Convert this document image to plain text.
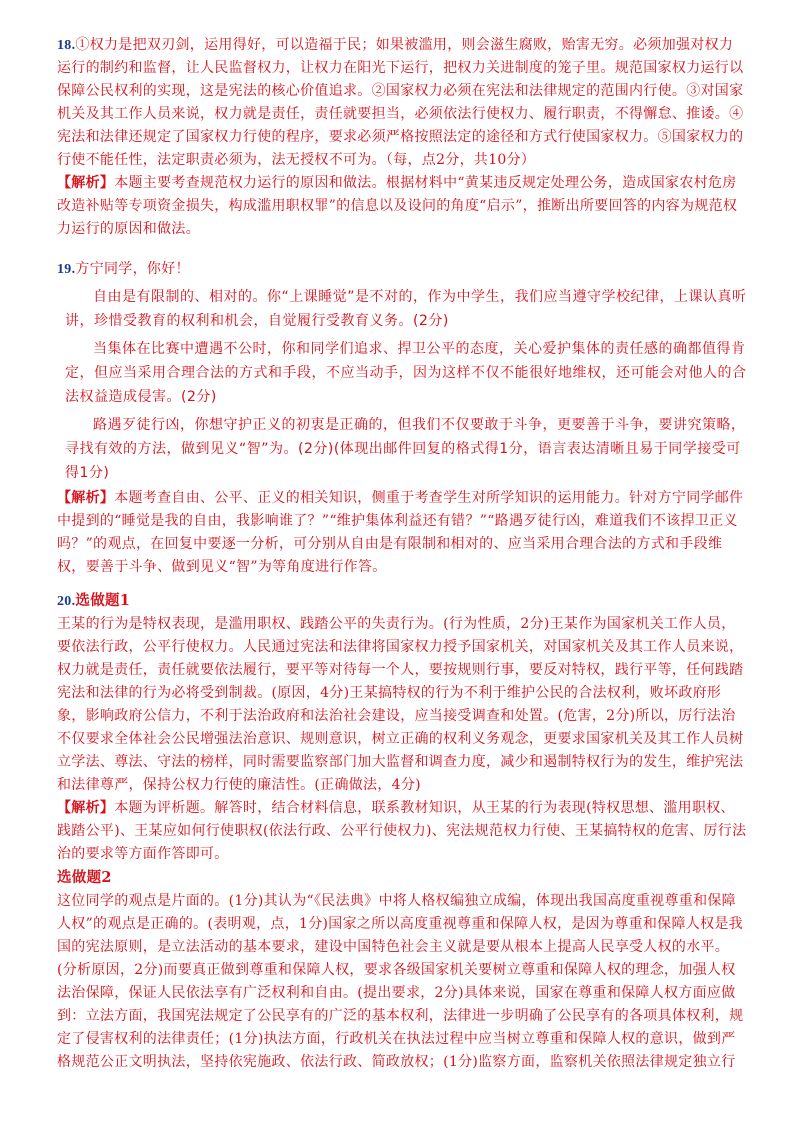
18.①权力是把双刃剑，运用得好，可以造福于民；如果被滥用，则会滋生腐败，贻害无穷。必须加强对权力运行的制约和监督，让人民监督权力，让权力在阳光下运行，把权力关进制度的笼子里。规范国家权力运行以保障公民权利的实现，这是宪法的核心价值追求。②国家权力必须在宪法和法律规定的范围内行使。③对国家机关及其工作人员来说，权力就是责任，责任就要担当，必须依法行使权力、履行职责，不得懈怠、推诿。④宪法和法律还规定了国家权力行使的程序，要求必须严格按照法定的途径和方式行使国家权力。⑤国家权力的行使不能任性，法定职责必须为，法无授权不可为。（每，点2分，共10分）

【解析】本题主要考查规范权力运行的原因和做法。根据材料中“黄某违反规定处理公务，造成国家农村危房改造补贴等专项资金损失，构成滥用职权罪”的信息以及设问的角度“启示”，推断出所要回答的内容为规范权力运行的原因和做法。

19.方宁同学，你好！

自由是有限制的、相对的。你“上课睡觉”是不对的，作为中学生，我们应当遵守学校纪律，上课认真听讲，珍惜受教育的权利和机会，自觉履行受教育义务。(2分)

当集体在比赛中遭遇不公时，你和同学们追求、捍卫公平的态度，关心爱护集体的责任感的确都值得肯定，但应当采用合理合法的方式和手段，不应当动手，因为这样不仅不能很好地维权，还可能会对他人的合法权益造成侵害。(2分)

路遇歹徒行凶，你想守护正义的初衷是正确的，但我们不仅要敢于斗争，更要善于斗争，要讲究策略，寻找有效的方法，做到见义“智”为。(2分)(体现出邮件回复的格式得1分，语言表达清晰且易于同学接受可得1分)

【解析】本题考查自由、公平、正义的相关知识，侧重于考查学生对所学知识的运用能力。针对方宁同学邮件中提到的“睡觉是我的自由，我影响谁了？”“维护集体利益还有错？”“路遇歹徒行凶，难道我们不该捍卫正义吗？”的观点，在回复中要逐一分析，可分别从自由是有限制和相对的、应当采用合理合法的方式和手段维权，要善于斗争、做到见义“智”为等角度进行作答。

20.选做题1

王某的行为是特权表现，是滥用职权、践踏公平的失责行为。(行为性质，2分)王某作为国家机关工作人员，要依法行政，公平行使权力。人民通过宪法和法律将国家权力授予国家机关，对国家机关及其工作人员来说，权力就是责任，责任就要依法履行，要平等对待每一个人，要按规则行事，要反对特权，践行平等，任何践踏宪法和法律的行为必将受到制裁。(原因，4分)王某搞特权的行为不利于维护公民的合法权利，败坏政府形象，影响政府公信力，不利于法治政府和法治社会建设，应当接受调查和处置。(危害，2分)所以，厉行法治不仅要求全体社会公民增强法治意识、规则意识，树立正确的权利义务观念，更要求国家机关及其工作人员树立学法、尊法、守法的榜样，同时需要监察部门加大监督和调查力度，减少和遏制特权行为的发生，维护宪法和法律尊严，保持公权力行使的廉洁性。(正确做法，4分)

【解析】本题为评析题。解答时，结合材料信息，联系教材知识，从王某的行为表现(特权思想、滥用职权、践踏公平)、王某应如何行使职权(依法行政、公平行使权力)、宪法规范权力行使、王某搞特权的危害、厉行法治的要求等方面作答即可。

选做题2

这位同学的观点是片面的。(1分)其认为“《民法典》中将人格权编独立成编，体现出我国高度重视尊重和保障人权”的观点是正确的。(表明观，点，1分)国家之所以高度重视尊重和保障人权，是因为尊重和保障人权是我国的宪法原则，是立法活动的基本要求，建设中国特色社会主义就是要从根本上提高人民享受人权的水平。(分析原因，2分)而要真正做到尊重和保障人权，要求各级国家机关要树立尊重和保障人权的理念，加强人权法治保障，保证人民依法享有广泛权利和自由。(提出要求，2分)具体来说，国家在尊重和保障人权方面应做到：立法方面，我国宪法规定了公民享有的广泛的基本权利，法律进一步明确了公民享有的各项具体权利，规定了侵害权利的法律责任；(1分)执法方面，行政机关在执法过程中应当树立尊重和保障人权的意识，做到严格规范公正文明执法，坚持依宪施政、依法行政、简政放权；(1分)监察方面，监察机关依照法律规定独立行
